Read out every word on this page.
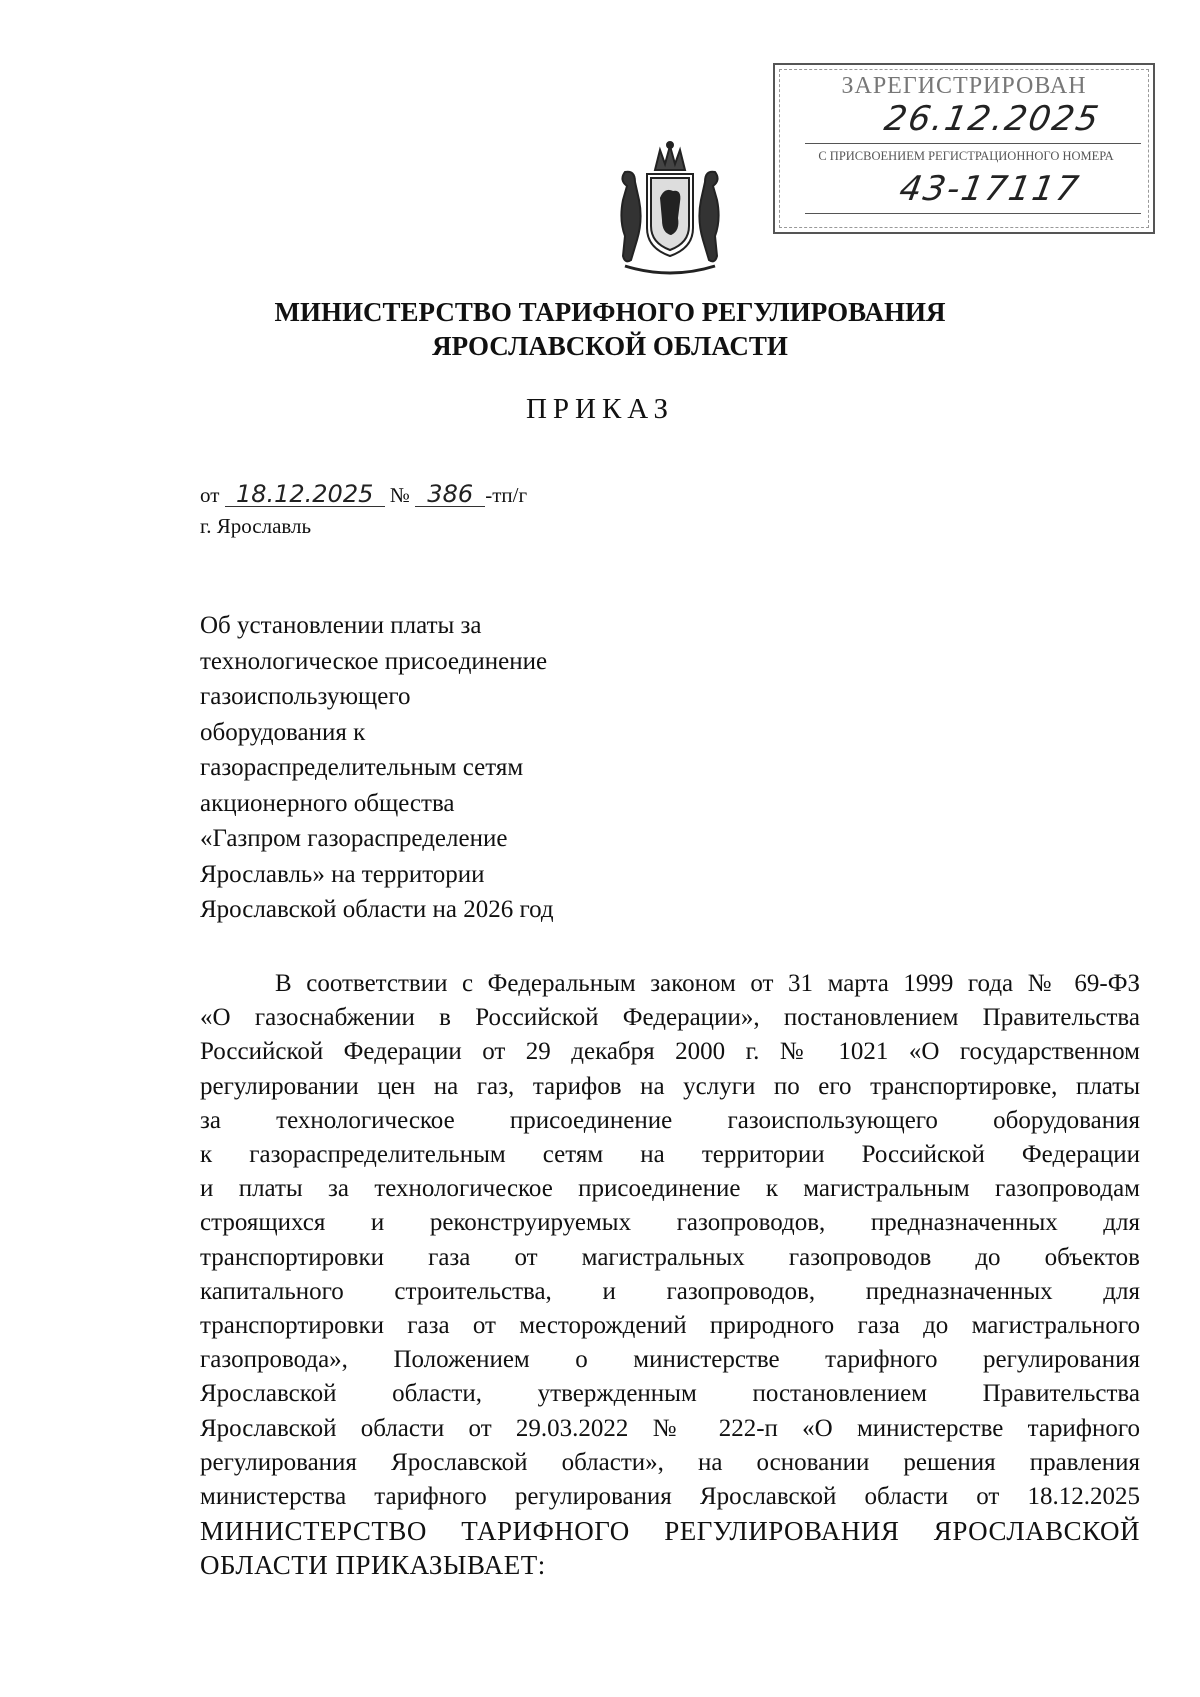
ЗАРЕГИСТРИРОВАН
26.12.2025
С ПРИСВОЕНИЕМ РЕГИСТРАЦИОННОГО НОМЕРА
43-17117
МИНИСТЕРСТВО ТАРИФНОГО РЕГУЛИРОВАНИЯ
ЯРОСЛАВСКОЙ ОБЛАСТИ
ПРИКАЗ
от 18.12.2025 № 386 -тп/г
г. Ярославль
Об установлении платы за
технологическое присоединение
газоиспользующего
оборудования к
газораспределительным сетям
акционерного общества
«Газпром газораспределение
Ярославль» на территории
Ярославской области на 2026 год
В соответствии с Федеральным законом от 31 марта 1999 года № 69-ФЗ
«О газоснабжении в Российской Федерации», постановлением Правительства
Российской Федерации от 29 декабря 2000 г. № 1021 «О государственном
регулировании цен на газ, тарифов на услуги по его транспортировке, платы
за технологическое присоединение газоиспользующего оборудования
к газораспределительным сетям на территории Российской Федерации
и платы за технологическое присоединение к магистральным газопроводам
строящихся и реконструируемых газопроводов, предназначенных для
транспортировки газа от магистральных газопроводов до объектов
капитального строительства, и газопроводов, предназначенных для
транспортировки газа от месторождений природного газа до магистрального
газопровода», Положением о министерстве тарифного регулирования
Ярославской области, утвержденным постановлением Правительства
Ярославской области от 29.03.2022 № 222-п «О министерстве тарифного
регулирования Ярославской области», на основании решения правления
министерства тарифного регулирования Ярославской области от 18.12.2025
МИНИСТЕРСТВО ТАРИФНОГО РЕГУЛИРОВАНИЯ ЯРОСЛАВСКОЙ
ОБЛАСТИ ПРИКАЗЫВАЕТ:
